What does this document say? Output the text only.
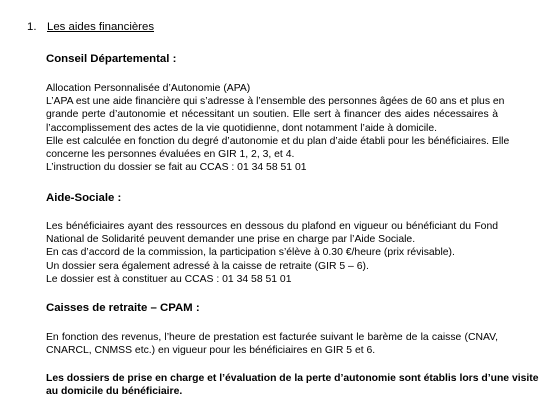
1. Les aides financières
Conseil Départemental :
Allocation Personnalisée d’Autonomie (APA)
L’APA est une aide financière qui s’adresse à l’ensemble des personnes âgées de 60 ans et plus en
grande perte d’autonomie et nécessitant un soutien. Elle sert à financer des aides nécessaires à
l’accomplissement des actes de la vie quotidienne, dont notamment l’aide à domicile.
Elle est calculée en fonction du degré d’autonomie et du plan d’aide établi pour les bénéficiaires. Elle
concerne les personnes évaluées en GIR 1, 2, 3, et 4.
L’instruction du dossier se fait au CCAS : 01 34 58 51 01
Aide-Sociale :
Les bénéficiaires ayant des ressources en dessous du plafond en vigueur ou bénéficiant du Fond
National de Solidarité peuvent demander une prise en charge par l’Aide Sociale.
En cas d’accord de la commission, la participation s’élève à 0.30 €/heure (prix révisable).
Un dossier sera également adressé à la caisse de retraite (GIR 5 – 6).
Le dossier est à constituer au CCAS : 01 34 58 51 01
Caisses de retraite – CPAM :
En fonction des revenus, l’heure de prestation est facturée suivant le barème de la caisse (CNAV,
CNARCL, CNMSS etc.) en vigueur pour les bénéficiaires en GIR 5 et 6.
Les dossiers de prise en charge et l’évaluation de la perte d’autonomie sont établis lors d’une visite
au domicile du bénéficiaire.
